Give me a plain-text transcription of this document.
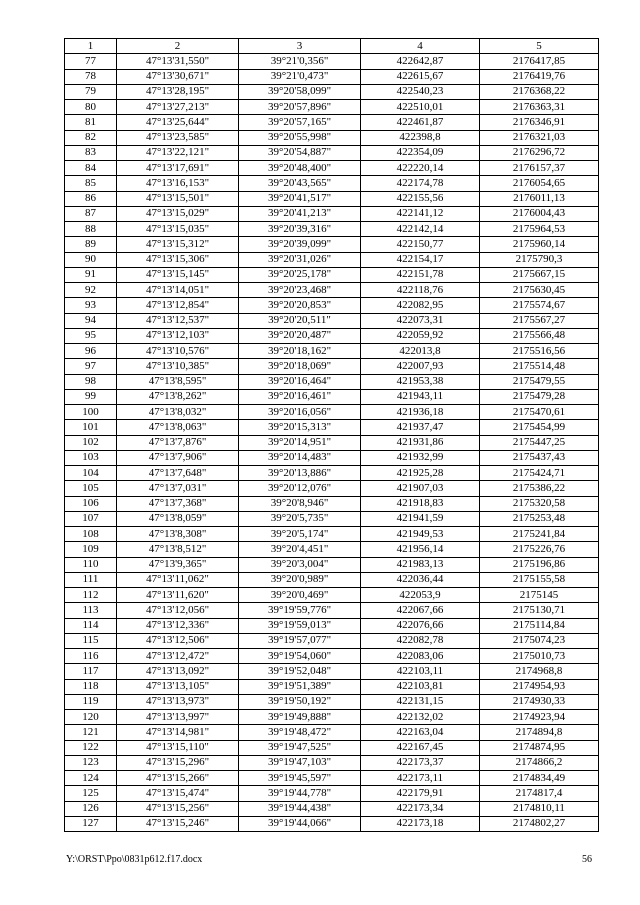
1	2	3	4	5
77	47°13'31,550"	39°21'0,356"	422642,87	2176417,85
78	47°13'30,671"	39°21'0,473"	422615,67	2176419,76
79	47°13'28,195"	39°20'58,099"	422540,23	2176368,22
80	47°13'27,213"	39°20'57,896"	422510,01	2176363,31
81	47°13'25,644"	39°20'57,165"	422461,87	2176346,91
82	47°13'23,585"	39°20'55,998"	422398,8	2176321,03
83	47°13'22,121"	39°20'54,887"	422354,09	2176296,72
84	47°13'17,691"	39°20'48,400"	422220,14	2176157,37
85	47°13'16,153"	39°20'43,565"	422174,78	2176054,65
86	47°13'15,501"	39°20'41,517"	422155,56	2176011,13
87	47°13'15,029"	39°20'41,213"	422141,12	2176004,43
88	47°13'15,035"	39°20'39,316"	422142,14	2175964,53
89	47°13'15,312"	39°20'39,099"	422150,77	2175960,14
90	47°13'15,306"	39°20'31,026"	422154,17	2175790,3
91	47°13'15,145"	39°20'25,178"	422151,78	2175667,15
92	47°13'14,051"	39°20'23,468"	422118,76	2175630,45
93	47°13'12,854"	39°20'20,853"	422082,95	2175574,67
94	47°13'12,537"	39°20'20,511"	422073,31	2175567,27
95	47°13'12,103"	39°20'20,487"	422059,92	2175566,48
96	47°13'10,576"	39°20'18,162"	422013,8	2175516,56
97	47°13'10,385"	39°20'18,069"	422007,93	2175514,48
98	47°13'8,595"	39°20'16,464"	421953,38	2175479,55
99	47°13'8,262"	39°20'16,461"	421943,11	2175479,28
100	47°13'8,032"	39°20'16,056"	421936,18	2175470,61
101	47°13'8,063"	39°20'15,313"	421937,47	2175454,99
102	47°13'7,876"	39°20'14,951"	421931,86	2175447,25
103	47°13'7,906"	39°20'14,483"	421932,99	2175437,43
104	47°13'7,648"	39°20'13,886"	421925,28	2175424,71
105	47°13'7,031"	39°20'12,076"	421907,03	2175386,22
106	47°13'7,368"	39°20'8,946"	421918,83	2175320,58
107	47°13'8,059"	39°20'5,735"	421941,59	2175253,48
108	47°13'8,308"	39°20'5,174"	421949,53	2175241,84
109	47°13'8,512"	39°20'4,451"	421956,14	2175226,76
110	47°13'9,365"	39°20'3,004"	421983,13	2175196,86
111	47°13'11,062"	39°20'0,989"	422036,44	2175155,58
112	47°13'11,620"	39°20'0,469"	422053,9	2175145
113	47°13'12,056"	39°19'59,776"	422067,66	2175130,71
114	47°13'12,336"	39°19'59,013"	422076,66	2175114,84
115	47°13'12,506"	39°19'57,077"	422082,78	2175074,23
116	47°13'12,472"	39°19'54,060"	422083,06	2175010,73
117	47°13'13,092"	39°19'52,048"	422103,11	2174968,8
118	47°13'13,105"	39°19'51,389"	422103,81	2174954,93
119	47°13'13,973"	39°19'50,192"	422131,15	2174930,33
120	47°13'13,997"	39°19'49,888"	422132,02	2174923,94
121	47°13'14,981"	39°19'48,472"	422163,04	2174894,8
122	47°13'15,110"	39°19'47,525"	422167,45	2174874,95
123	47°13'15,296"	39°19'47,103"	422173,37	2174866,2
124	47°13'15,266"	39°19'45,597"	422173,11	2174834,49
125	47°13'15,474"	39°19'44,778"	422179,91	2174817,4
126	47°13'15,256"	39°19'44,438"	422173,34	2174810,11
127	47°13'15,246"	39°19'44,066"	422173,18	2174802,27
Y:\ORST\Ppo\0831p612.f17.docx	56
